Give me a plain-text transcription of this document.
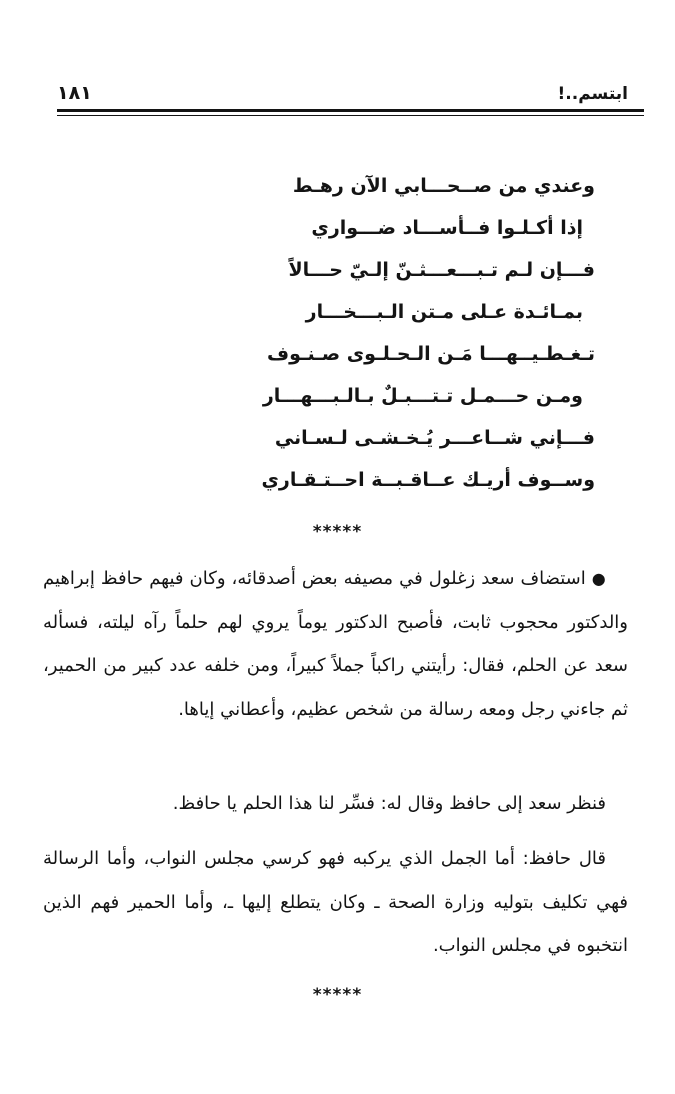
ابتسم..!
١٨١
وعندي من صــحـــابي الآن رهـط
إذا أكـلـوا فــأســـاد ضـــواري
فـــإن لـم تـبـــعـــثـنّ إلـيّ حـــالاً
بمـائـدة عـلى مـتن الـبـــخـــار
تـغـطـيــهـــا مَـن الـحـلـوى صـنـوف
ومـن حـــمـل تـتـــبـلٌ بـالـبـــهـــار
فـــإني شــاعـــر يُـخـشـى لـسـاني
وســوف أريـك عــاقـبــة احــتـقـاري
*****

●استضاف سعد زغلول في مصيفه بعض أصدقائه، وكان فيهم حافظ إبراهيم والدكتور محجوب ثابت، فأصبح الدكتور يوماً يروي لهم حلماً رآه ليلته، فسأله سعد عن الحلم، فقال: رأيتني راكباً جملاً كبيراً، ومن خلفه عدد كبير من الحمير، ثم جاءني رجل ومعه رسالة من شخص عظيم، وأعطاني إياها.

فنظر سعد إلى حافظ وقال له: فسِّر لنا هذا الحلم يا حافظ.

قال حافظ: أما الجمل الذي يركبه فهو كرسي مجلس النواب، وأما الرسالة فهي تكليف بتوليه وزارة الصحة ـ وكان يتطلع إليها ـ، وأما الحمير فهم الذين انتخبوه في مجلس النواب.

*****
